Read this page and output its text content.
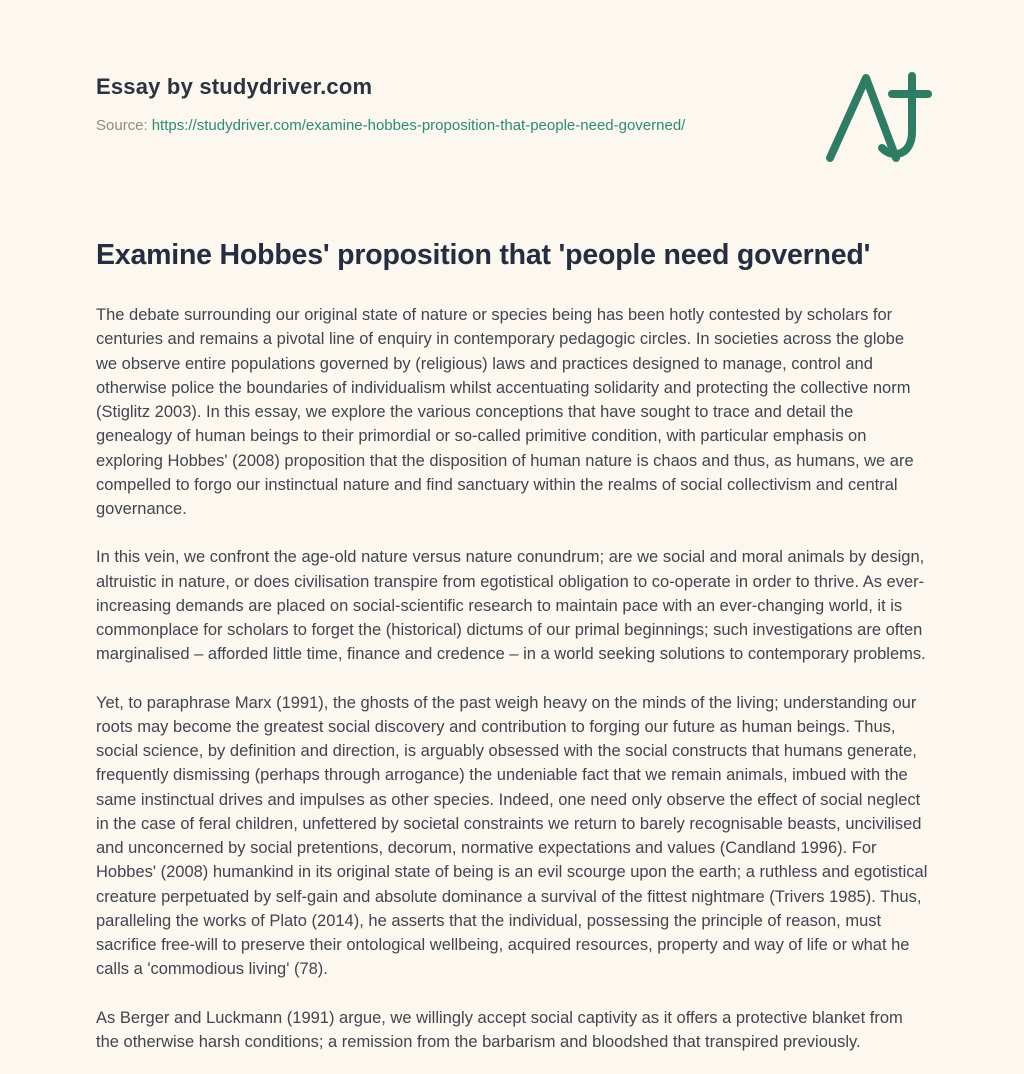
Essay by studydriver.com
Source: https://studydriver.com/examine-hobbes-proposition-that-people-need-governed/
Examine Hobbes' proposition that 'people need governed'

The debate surrounding our original state of nature or species being has been hotly contested by scholars for centuries and remains a pivotal line of enquiry in contemporary pedagogic circles. In societies across the globe we observe entire populations governed by (religious) laws and practices designed to manage, control and otherwise police the boundaries of individualism whilst accentuating solidarity and protecting the collective norm (Stiglitz 2003). In this essay, we explore the various conceptions that have sought to trace and detail the genealogy of human beings to their primordial or so-called primitive condition, with particular emphasis on exploring Hobbes' (2008) proposition that the disposition of human nature is chaos and thus, as humans, we are compelled to forgo our instinctual nature and find sanctuary within the realms of social collectivism and central governance.

In this vein, we confront the age-old nature versus nature conundrum; are we social and moral animals by design, altruistic in nature, or does civilisation transpire from egotistical obligation to co-operate in order to thrive. As ever-increasing demands are placed on social-scientific research to maintain pace with an ever-changing world, it is commonplace for scholars to forget the (historical) dictums of our primal beginnings; such investigations are often marginalised – afforded little time, finance and credence – in a world seeking solutions to contemporary problems.

Yet, to paraphrase Marx (1991), the ghosts of the past weigh heavy on the minds of the living; understanding our roots may become the greatest social discovery and contribution to forging our future as human beings. Thus, social science, by definition and direction, is arguably obsessed with the social constructs that humans generate, frequently dismissing (perhaps through arrogance) the undeniable fact that we remain animals, imbued with the same instinctual drives and impulses as other species. Indeed, one need only observe the effect of social neglect in the case of feral children, unfettered by societal constraints we return to barely recognisable beasts, uncivilised and unconcerned by social pretentions, decorum, normative expectations and values (Candland 1996). For Hobbes' (2008) humankind in its original state of being is an evil scourge upon the earth; a ruthless and egotistical creature perpetuated by self-gain and absolute dominance a survival of the fittest nightmare (Trivers 1985). Thus, paralleling the works of Plato (2014), he asserts that the individual, possessing the principle of reason, must sacrifice free-will to preserve their ontological wellbeing, acquired resources, property and way of life or what he calls a 'commodious living' (78).

As Berger and Luckmann (1991) argue, we willingly accept social captivity as it offers a protective blanket from the otherwise harsh conditions; a remission from the barbarism and bloodshed that transpired previously.
